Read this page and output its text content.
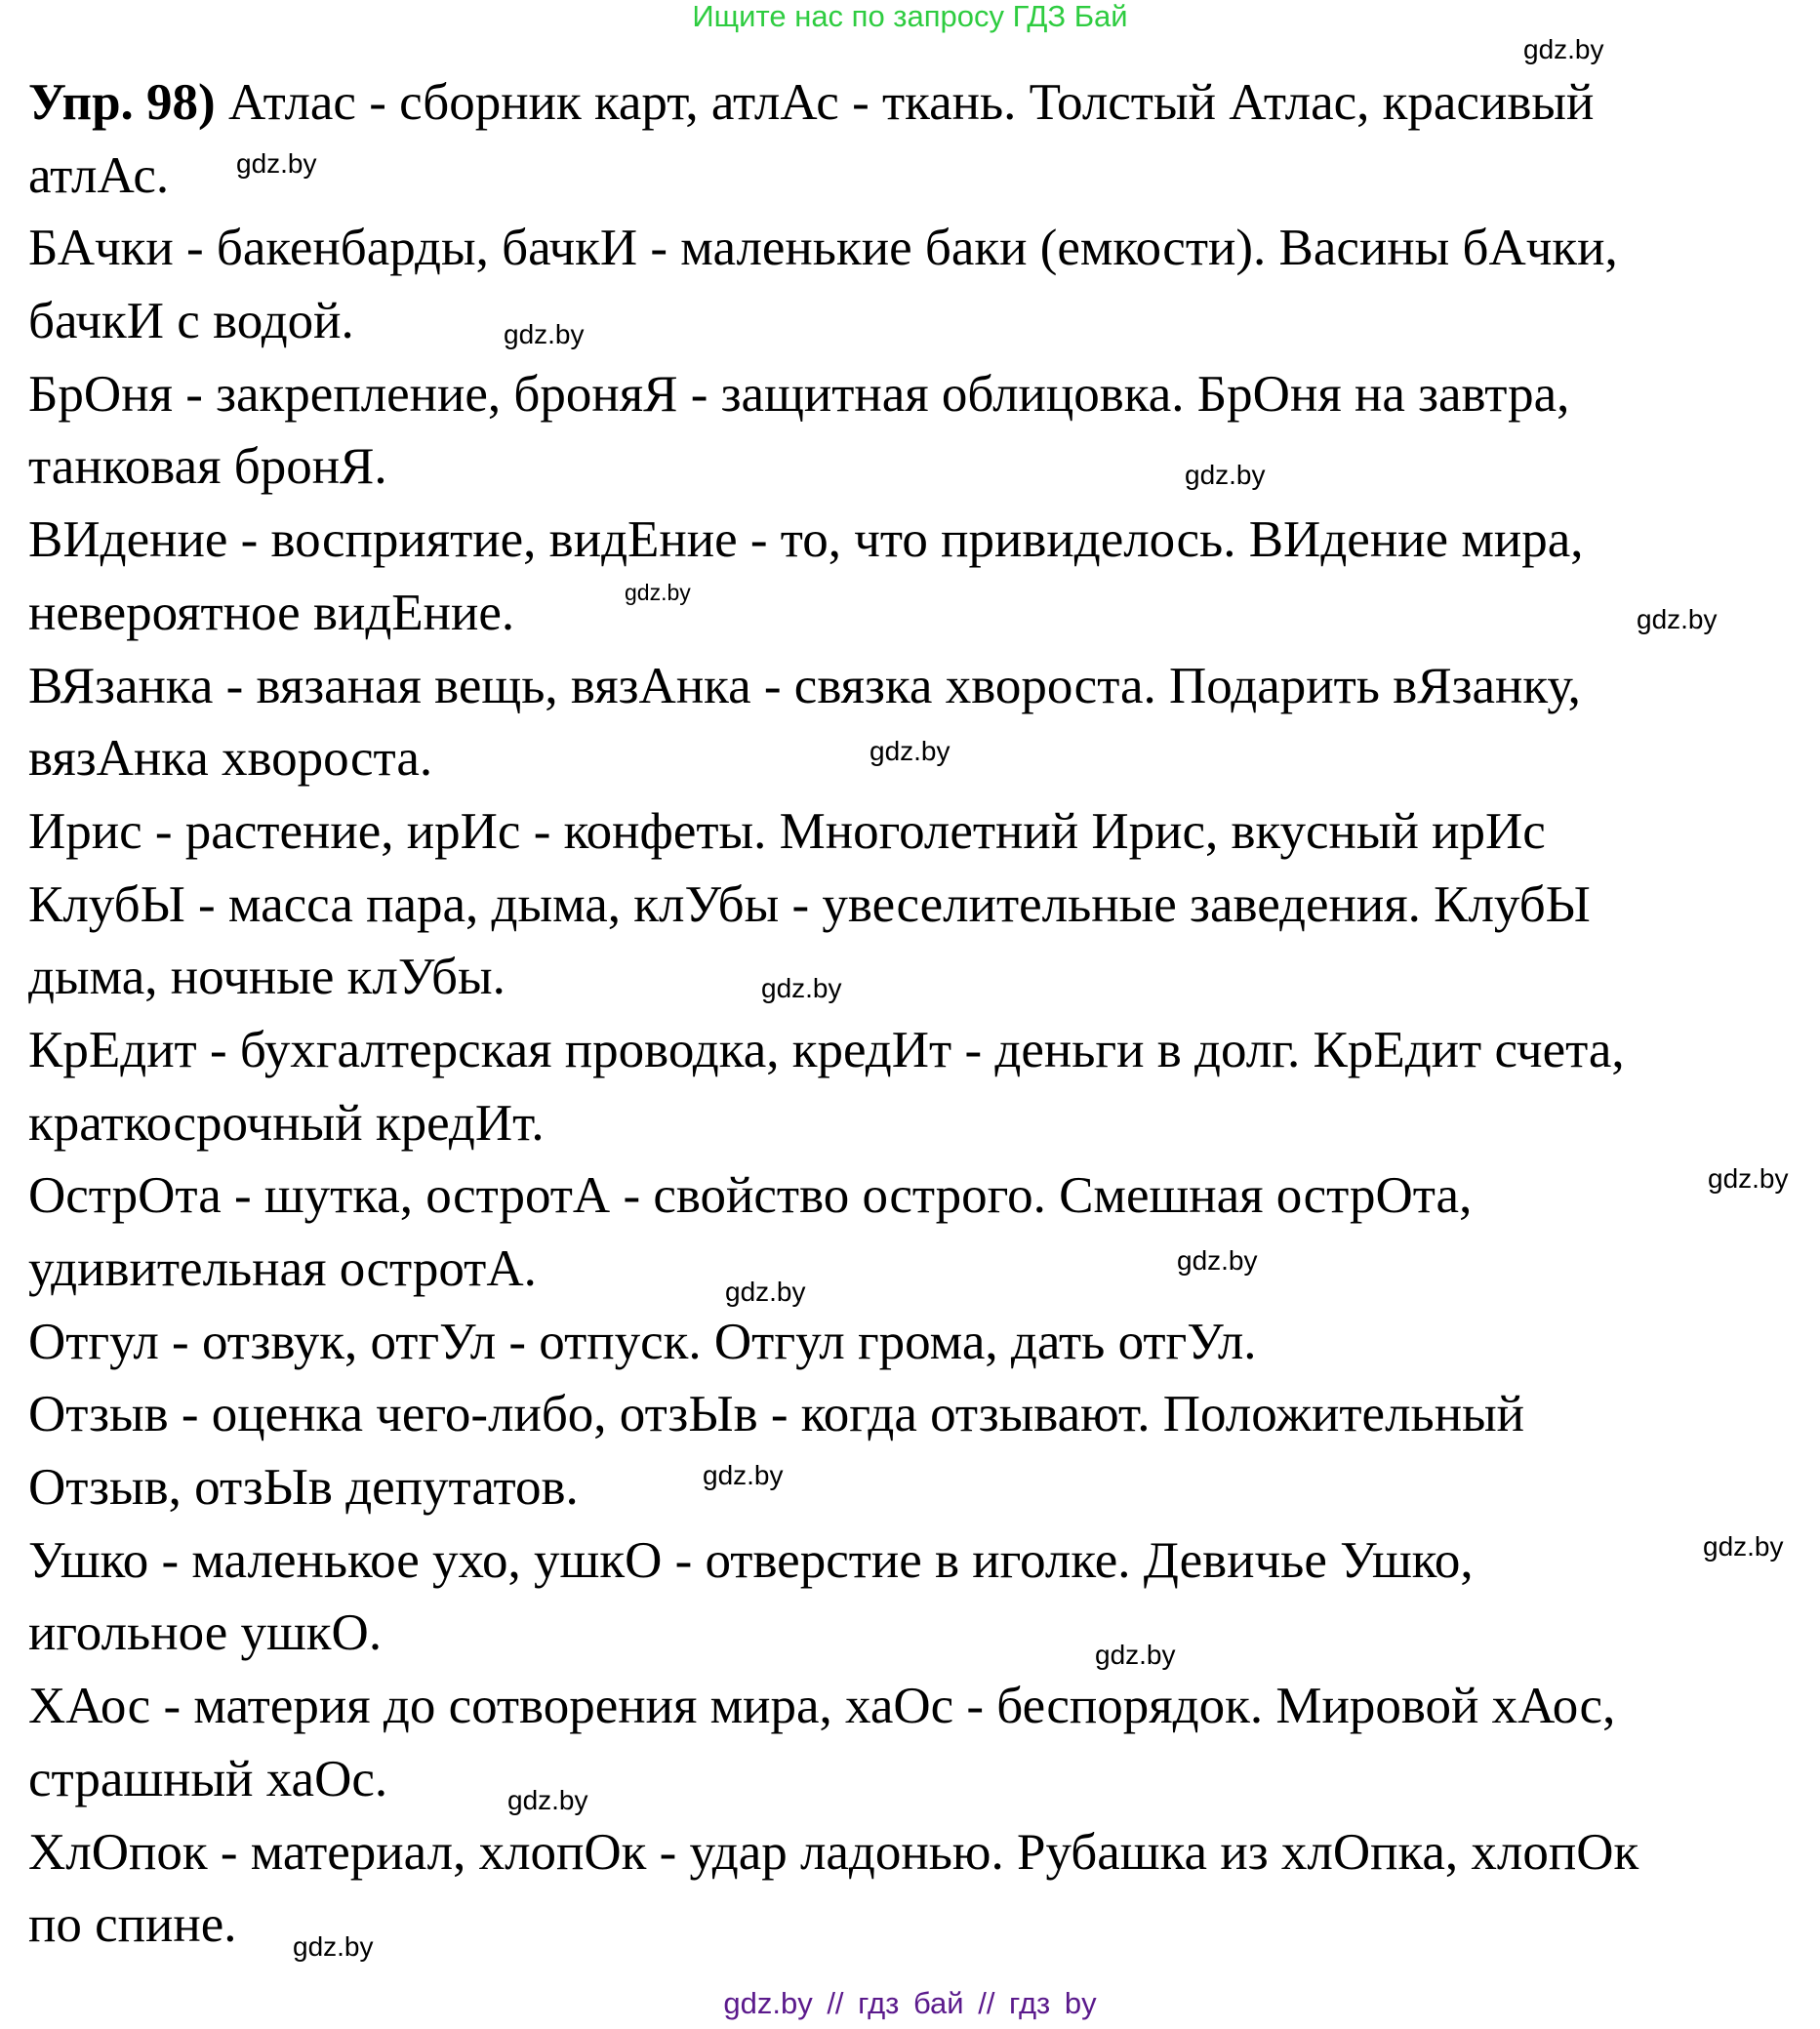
Ищите нас по запросу ГДЗ Бай
Упр. 98) Атлас - сборник карт, атлАс - ткань. Толстый Атлас, красивый
атлАс.
БАчки - бакенбарды, бачкИ - маленькие баки (емкости). Васины бАчки,
бачкИ с водой.
БрОня - закрепление, броняЯ - защитная облицовка. БрОня на завтра,
танковая бронЯ.
ВИдение - восприятие, видЕние - то, что привиделось. ВИдение мира,
невероятное видЕние.
ВЯзанка - вязаная вещь, вязАнка - связка хвороста. Подарить вЯзанку,
вязАнка хвороста.
Ирис - растение, ирИс - конфеты. Многолетний Ирис, вкусный ирИс
КлубЫ - масса пара, дыма, клУбы - увеселительные заведения. КлубЫ
дыма, ночные клУбы.
КрЕдит - бухгалтерская проводка, кредИт - деньги в долг. КрЕдит счета,
краткосрочный кредИт.
ОстрОта - шутка, остротА - свойство острого. Смешная острОта,
удивительная остротА.
Отгул - отзвук, отгУл - отпуск. Отгул грома, дать отгУл.
Отзыв - оценка чего-либо, отзЫв - когда отзывают. Положительный
Отзыв, отзЫв депутатов.
Ушко - маленькое ухо, ушкО - отверстие в иголке. Девичье Ушко,
игольное ушкО.
ХАос - материя до сотворения мира, хаОс - беспорядок. Мировой хАос,
страшный хаОс.
ХлОпок - материал, хлопОк - удар ладонью. Рубашка из хлОпка, хлопОк
по спине.
gdz.by
gdz.by
gdz.by
gdz.by
gdz.by
gdz.by
gdz.by
gdz.by
gdz.by
gdz.by
gdz.by
gdz.by
gdz.by
gdz.by
gdz.by
gdz.by
gdz.by // гдз бай // гдз by
